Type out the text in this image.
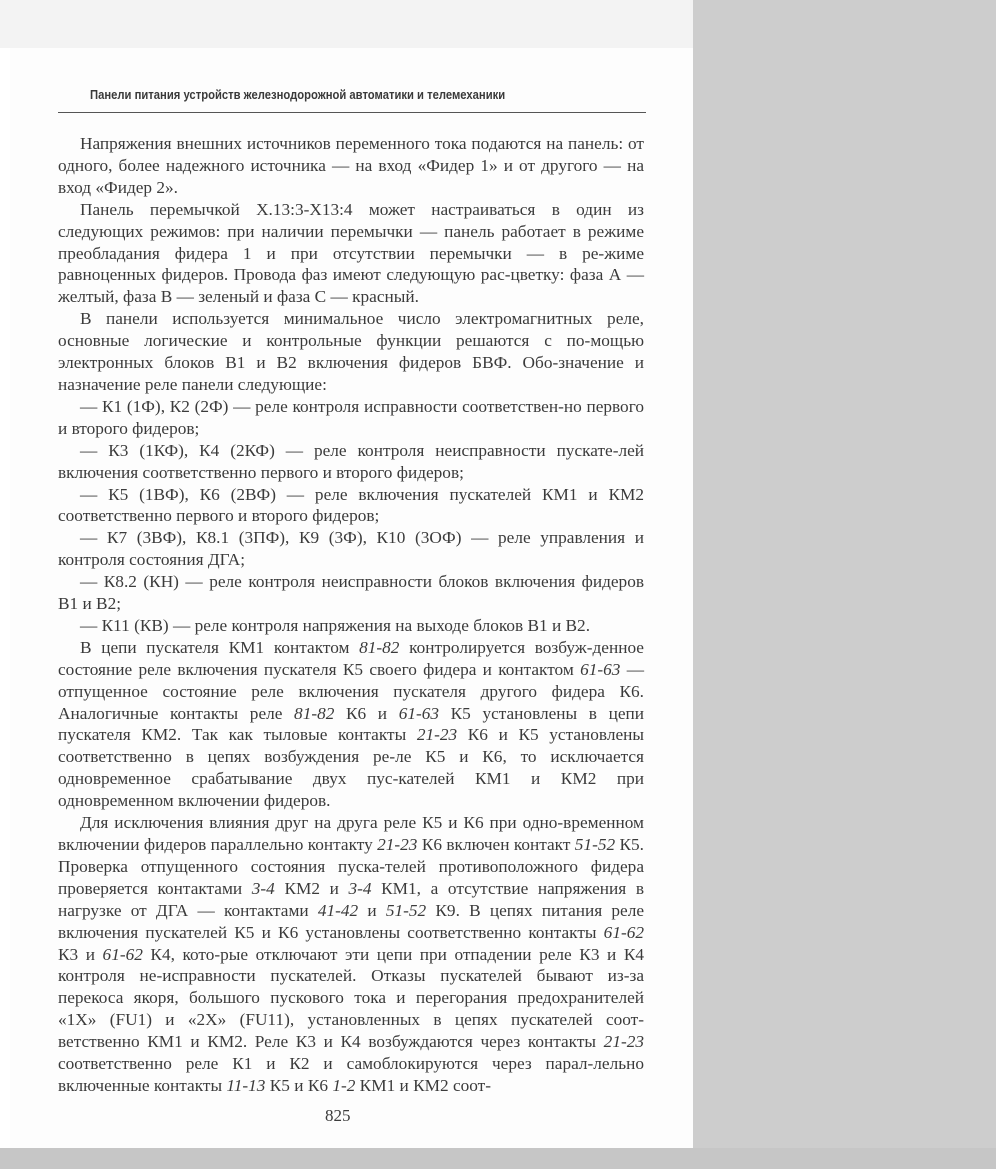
Панели питания устройств железнодорожной автоматики и телемеханики

Напряжения внешних источников переменного тока подаются на панель: от одного, более надежного источника — на вход «Фидер 1» и от другого — на вход «Фидер 2».

Панель перемычкой Х.13:3-Х13:4 может настраиваться в один из следующих режимов: при наличии перемычки — панель работает в режиме преобладания фидера 1 и при отсутствии перемычки — в ре-жиме равноценных фидеров. Провода фаз имеют следующую рас-цветку: фаза А — желтый, фаза В — зеленый и фаза С — красный.

В панели используется минимальное число электромагнитных реле, основные логические и контрольные функции решаются с по-мощью электронных блоков В1 и В2 включения фидеров БВФ. Обо-значение и назначение реле панели следующие:

— К1 (1Ф), К2 (2Ф) — реле контроля исправности соответствен-но первого и второго фидеров;

— К3 (1КФ), К4 (2КФ) — реле контроля неисправности пускате-лей включения соответственно первого и второго фидеров;

— К5 (1ВФ), К6 (2ВФ) — реле включения пускателей КМ1 и КМ2 соответственно первого и второго фидеров;

— К7 (3ВФ), К8.1 (3ПФ), К9 (3Ф), К10 (3ОФ) — реле управления и контроля состояния ДГА;

— К8.2 (КН) — реле контроля неисправности блоков включения фидеров В1 и В2;

— К11 (КВ) — реле контроля напряжения на выходе блоков В1 и В2.

В цепи пускателя КМ1 контактом 81-82 контролируется возбуж-денное состояние реле включения пускателя К5 своего фидера и контактом 61-63 — отпущенное состояние реле включения пускателя другого фидера К6. Аналогичные контакты реле 81-82 К6 и 61-63 К5 установлены в цепи пускателя КМ2. Так как тыловые контакты 21-23 К6 и К5 установлены соответственно в цепях возбуждения ре-ле К5 и К6, то исключается одновременное срабатывание двух пус-кателей КМ1 и КМ2 при одновременном включении фидеров.

Для исключения влияния друг на друга реле К5 и К6 при одно-временном включении фидеров параллельно контакту 21-23 К6 включен контакт 51-52 К5. Проверка отпущенного состояния пуска-телей противоположного фидера проверяется контактами 3-4 КМ2 и 3-4 КМ1, а отсутствие напряжения в нагрузке от ДГА — контактами 41-42 и 51-52 К9. В цепях питания реле включения пускателей К5 и К6 установлены соответственно контакты 61-62 К3 и 61-62 К4, кото-рые отключают эти цепи при отпадении реле К3 и К4 контроля не-исправности пускателей. Отказы пускателей бывают из-за перекоса якоря, большого пускового тока и перегорания предохранителей «1Х» (FU1) и «2Х» (FU11), установленных в цепях пускателей соот-ветственно КМ1 и КМ2. Реле К3 и К4 возбуждаются через контакты 21-23 соответственно реле К1 и К2 и самоблокируются через парал-лельно включенные контакты 11-13 К5 и К6 1-2 КМ1 и КМ2 соот-

825
